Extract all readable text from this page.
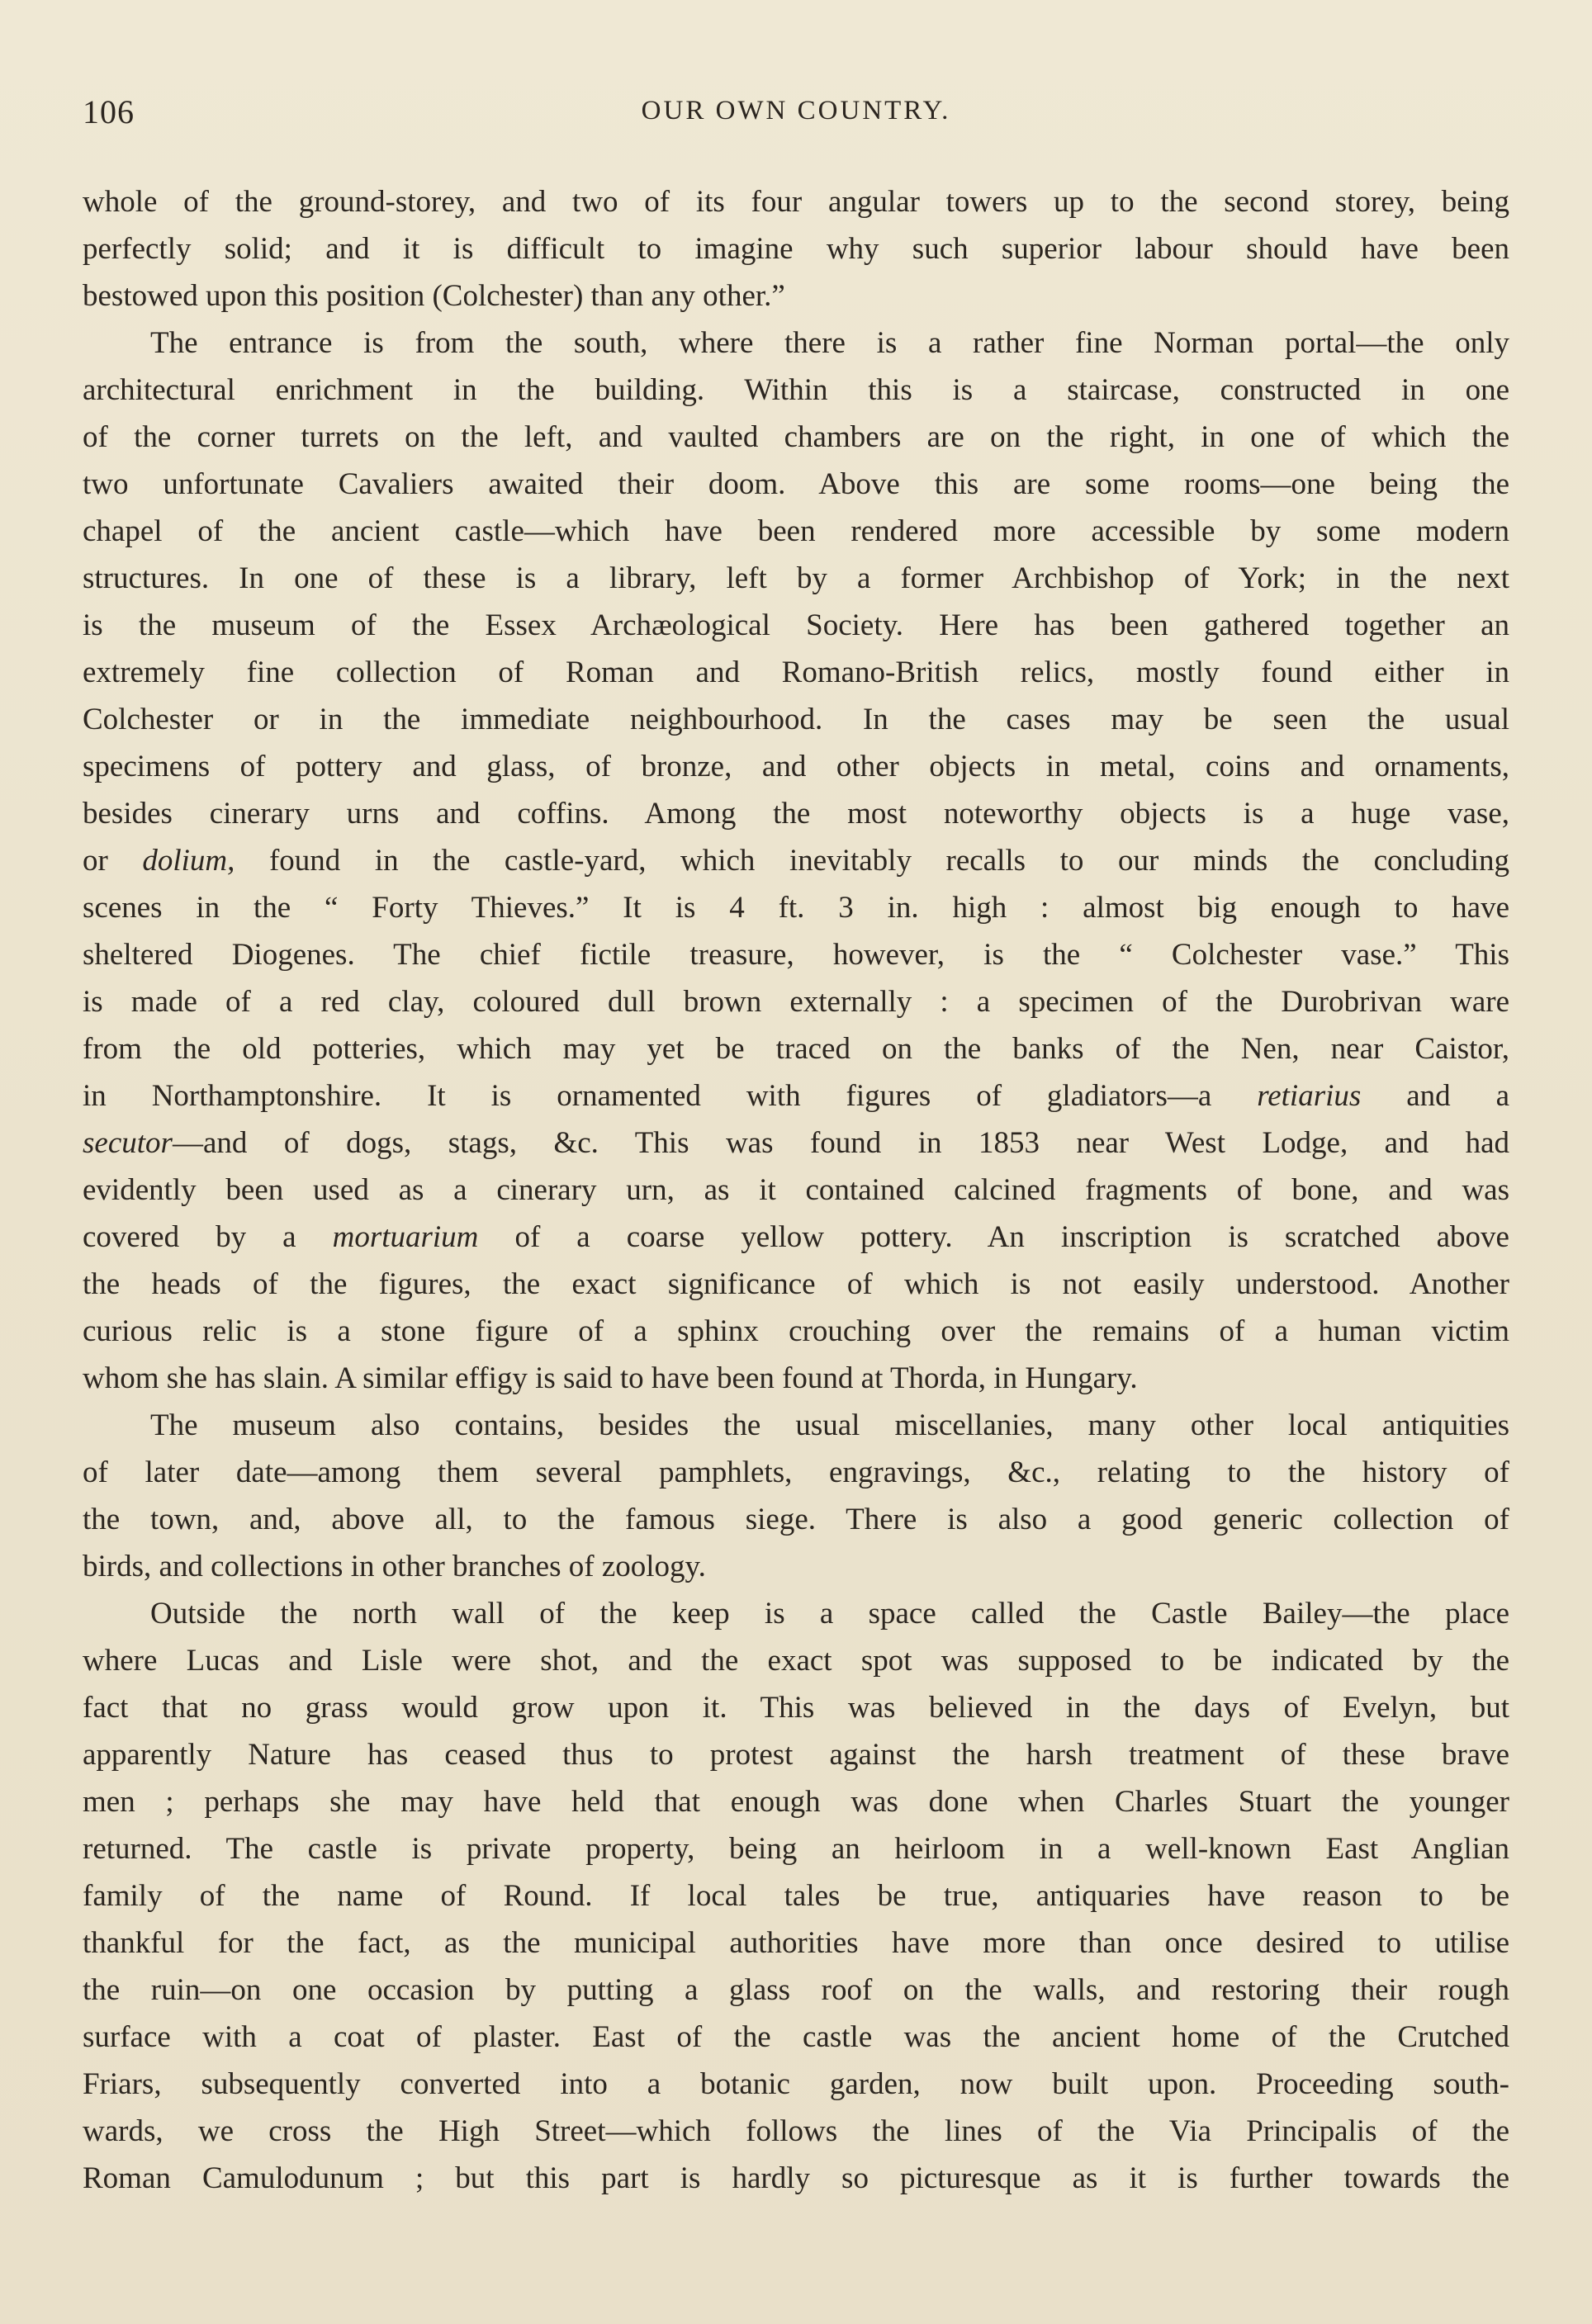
106	OUR OWN COUNTRY.
whole of the ground-storey, and two of its four angular towers up to the second storey, being
perfectly solid; and it is difficult to imagine why such superior labour should have been
bestowed upon this position (Colchester) than any other.”
The entrance is from the south, where there is a rather fine Norman portal—the only
architectural enrichment in the building. Within this is a staircase, constructed in one
of the corner turrets on the left, and vaulted chambers are on the right, in one of which the
two unfortunate Cavaliers awaited their doom. Above this are some rooms—one being the
chapel of the ancient castle—which have been rendered more accessible by some modern
structures. In one of these is a library, left by a former Archbishop of York; in the next
is the museum of the Essex Archæological Society. Here has been gathered together an
extremely fine collection of Roman and Romano-British relics, mostly found either in
Colchester or in the immediate neighbourhood. In the cases may be seen the usual
specimens of pottery and glass, of bronze, and other objects in metal, coins and ornaments,
besides cinerary urns and coffins. Among the most noteworthy objects is a huge vase,
or dolium, found in the castle-yard, which inevitably recalls to our minds the concluding
scenes in the “ Forty Thieves.” It is 4 ft. 3 in. high : almost big enough to have
sheltered Diogenes. The chief fictile treasure, however, is the “ Colchester vase.” This
is made of a red clay, coloured dull brown externally : a specimen of the Durobrivan ware
from the old potteries, which may yet be traced on the banks of the Nen, near Caistor,
in Northamptonshire. It is ornamented with figures of gladiators—a retiarius and a
secutor—and of dogs, stags, &c. This was found in 1853 near West Lodge, and had
evidently been used as a cinerary urn, as it contained calcined fragments of bone, and was
covered by a mortuarium of a coarse yellow pottery. An inscription is scratched above
the heads of the figures, the exact significance of which is not easily understood. Another
curious relic is a stone figure of a sphinx crouching over the remains of a human victim
whom she has slain. A similar effigy is said to have been found at Thorda, in Hungary.
The museum also contains, besides the usual miscellanies, many other local antiquities
of later date—among them several pamphlets, engravings, &c., relating to the history of
the town, and, above all, to the famous siege. There is also a good generic collection of
birds, and collections in other branches of zoology.
Outside the north wall of the keep is a space called the Castle Bailey—the place
where Lucas and Lisle were shot, and the exact spot was supposed to be indicated by the
fact that no grass would grow upon it. This was believed in the days of Evelyn, but
apparently Nature has ceased thus to protest against the harsh treatment of these brave
men ; perhaps she may have held that enough was done when Charles Stuart the younger
returned. The castle is private property, being an heirloom in a well-known East Anglian
family of the name of Round. If local tales be true, antiquaries have reason to be
thankful for the fact, as the municipal authorities have more than once desired to utilise
the ruin—on one occasion by putting a glass roof on the walls, and restoring their rough
surface with a coat of plaster. East of the castle was the ancient home of the Crutched
Friars, subsequently converted into a botanic garden, now built upon. Proceeding south-
wards, we cross the High Street—which follows the lines of the Via Principalis of the
Roman Camulodunum ; but this part is hardly so picturesque as it is further towards the
